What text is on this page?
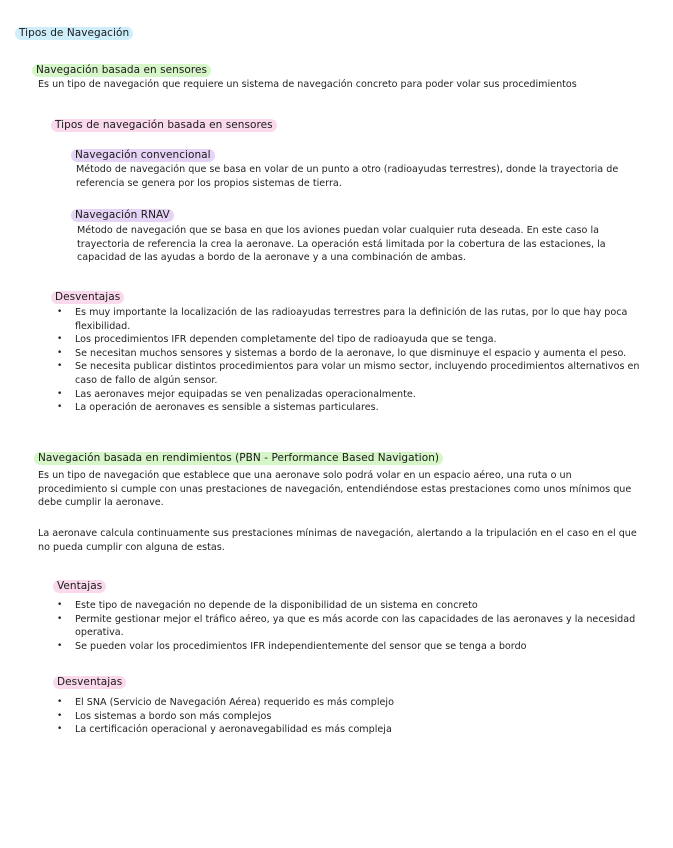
Tipos de Navegación
Navegación basada en sensores
Es un tipo de navegación que requiere un sistema de navegación concreto para poder volar sus procedimientos
Tipos de navegación basada en sensores
Navegación convencional
Método de navegación que se basa en volar de un punto a otro (radioayudas terrestres), donde la trayectoria de referencia se genera por los propios sistemas de tierra.
Navegación RNAV
Método de navegación que se basa en que los aviones puedan volar cualquier ruta deseada. En este caso la trayectoria de referencia la crea la aeronave. La operación está limitada por la cobertura de las estaciones, la capacidad de las ayudas a bordo de la aeronave y a una combinación de ambas.
Desventajas
• Es muy importante la localización de las radioayudas terrestres para la definición de las rutas, por lo que hay poca flexibilidad.
• Los procedimientos IFR dependen completamente del tipo de radioayuda que se tenga.
• Se necesitan muchos sensores y sistemas a bordo de la aeronave, lo que disminuye el espacio y aumenta el peso.
• Se necesita publicar distintos procedimientos para volar un mismo sector, incluyendo procedimientos alternativos en caso de fallo de algún sensor.
• Las aeronaves mejor equipadas se ven penalizadas operacionalmente.
• La operación de aeronaves es sensible a sistemas particulares.
Navegación basada en rendimientos (PBN - Performance Based Navigation)
Es un tipo de navegación que establece que una aeronave solo podrá volar en un espacio aéreo, una ruta o un procedimiento si cumple con unas prestaciones de navegación, entendiéndose estas prestaciones como unos mínimos que debe cumplir la aeronave.
La aeronave calcula continuamente sus prestaciones mínimas de navegación, alertando a la tripulación en el caso en el que no pueda cumplir con alguna de estas.
Ventajas
• Este tipo de navegación no depende de la disponibilidad de un sistema en concreto
• Permite gestionar mejor el tráfico aéreo, ya que es más acorde con las capacidades de las aeronaves y la necesidad operativa.
• Se pueden volar los procedimientos IFR independientemente del sensor que se tenga a bordo
Desventajas
• El SNA (Servicio de Navegación Aérea) requerido es más complejo
• Los sistemas a bordo son más complejos
• La certificación operacional y aeronavegabilidad es más compleja
